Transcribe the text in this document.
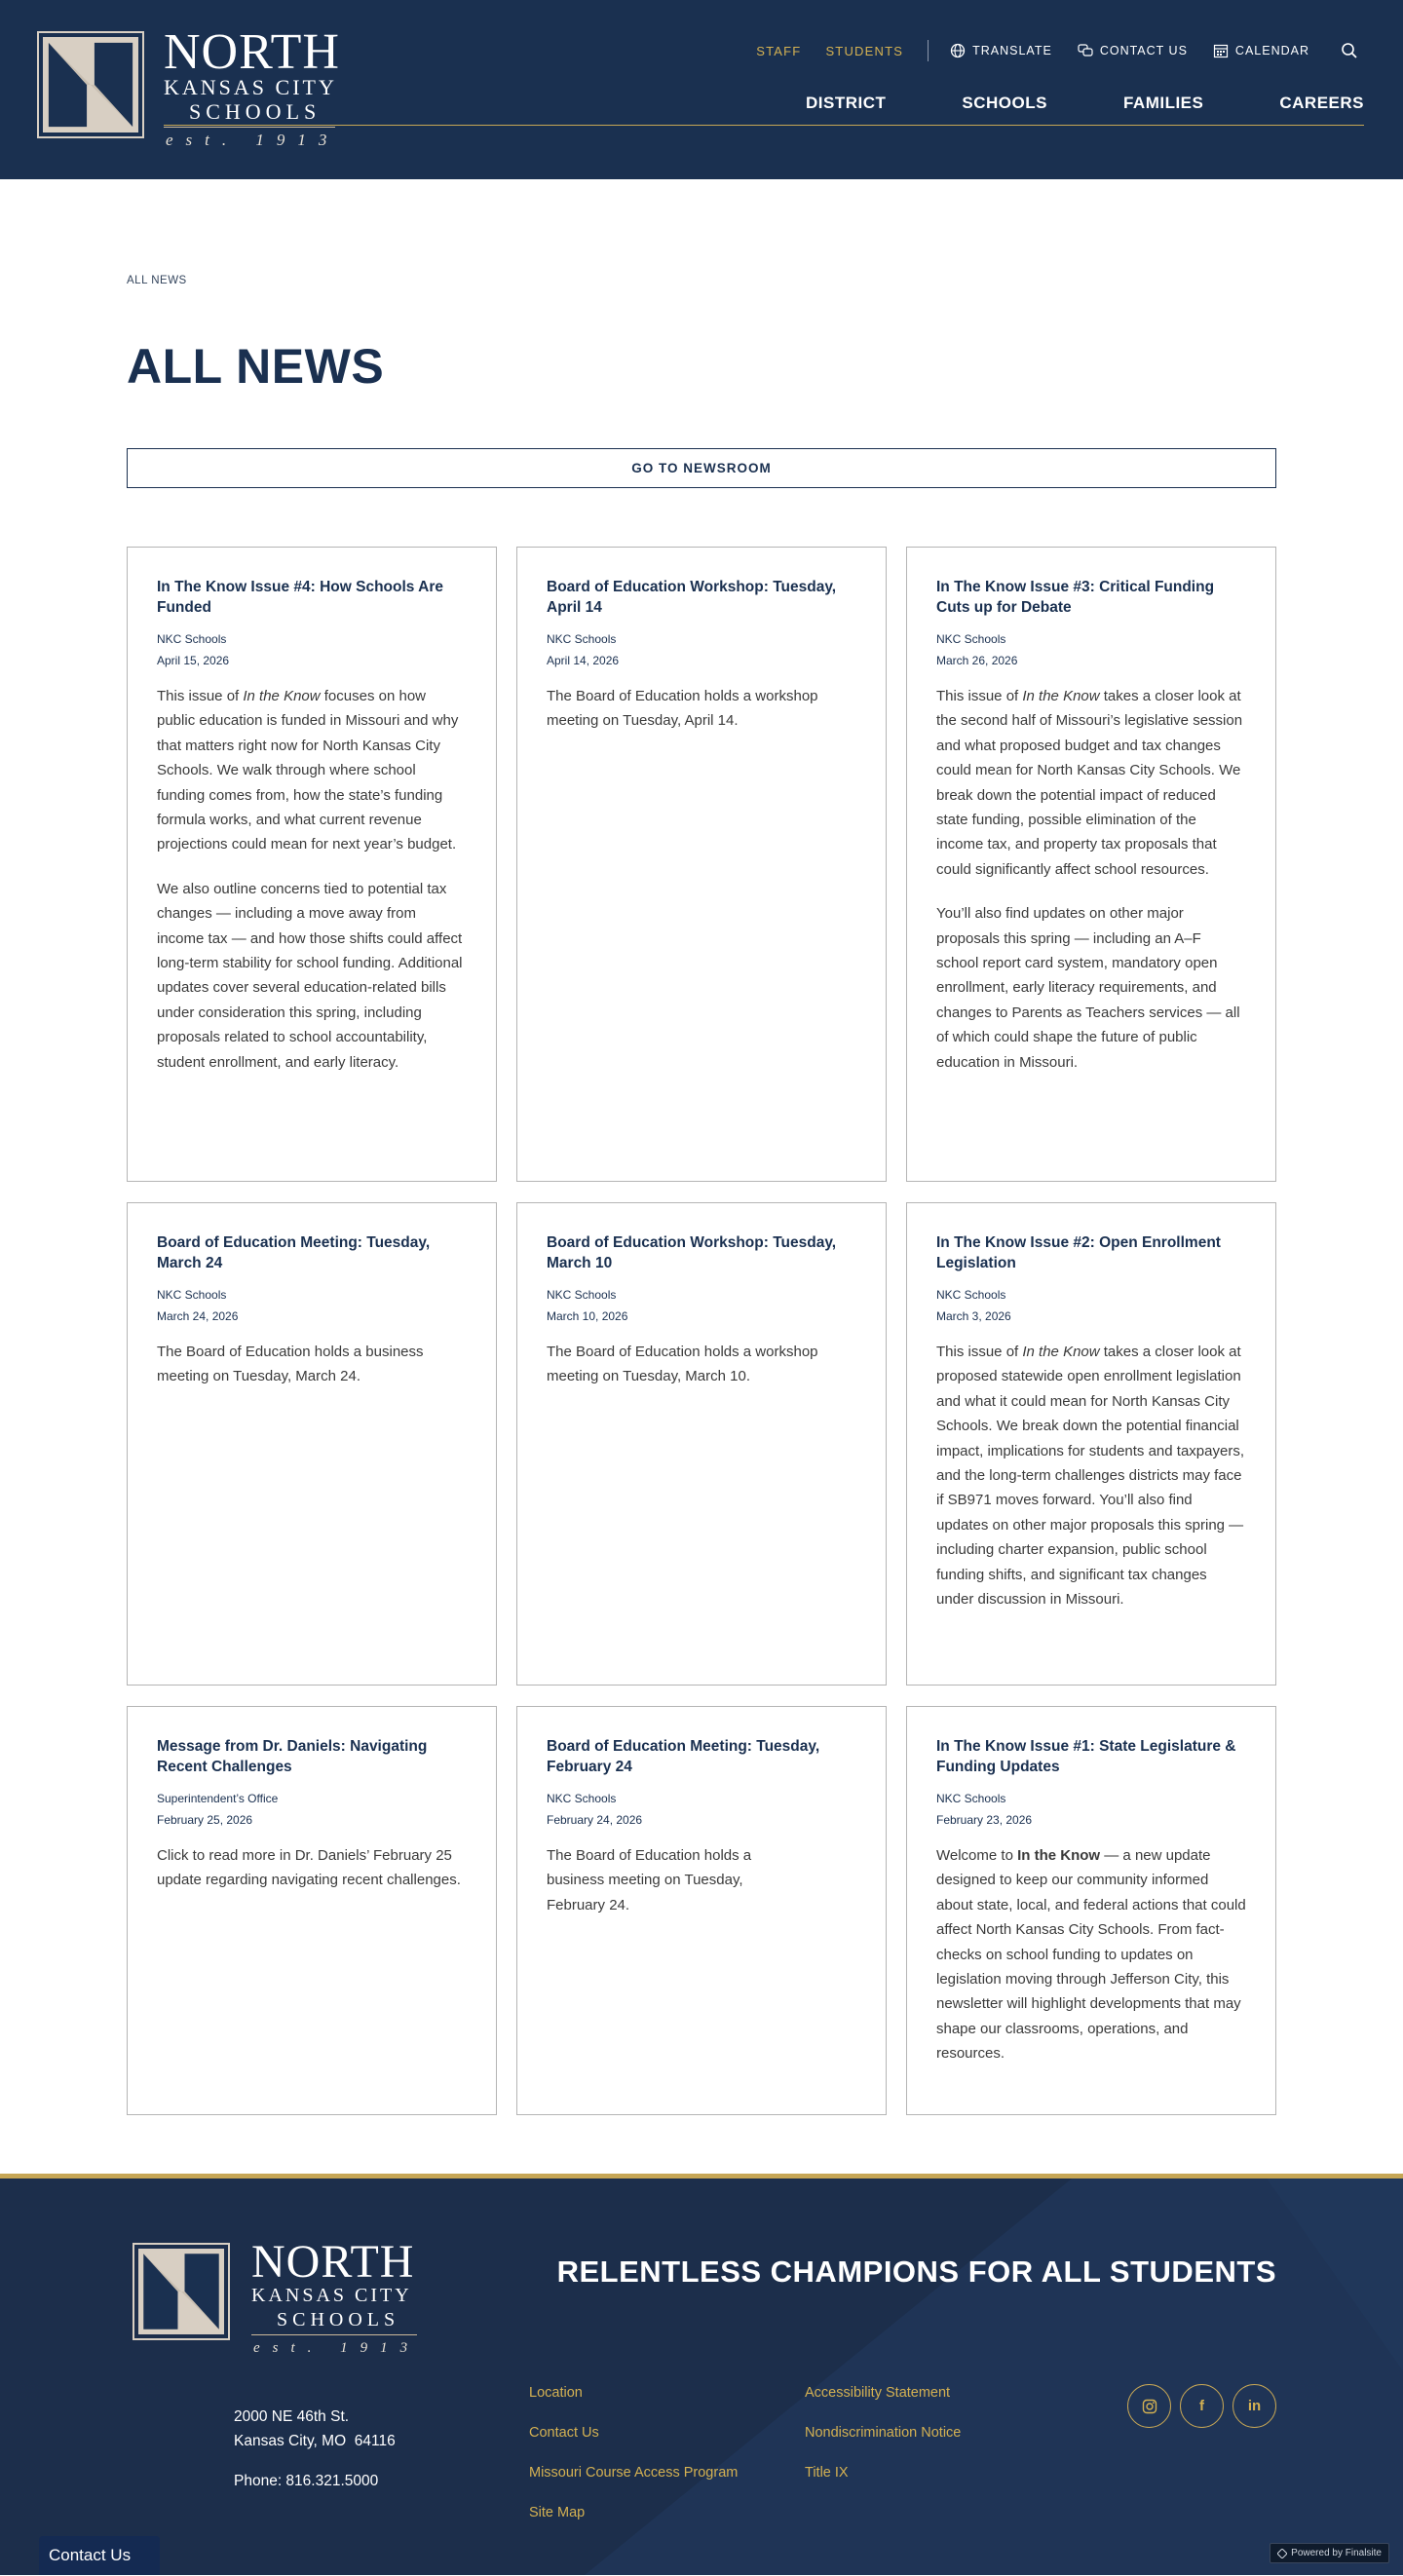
NORTH
KANSAS CITY
SCHOOLS
est. 1913
STAFF STUDENTS	TRANSLATE	CONTACT US	CALENDAR
DISTRICT	SCHOOLS	FAMILIES	CAREERS
ALL NEWS
ALL NEWS
GO TO NEWSROOM
In The Know Issue #4: How Schools Are Funded
NKC Schools
April 15, 2026

This issue of In the Know focuses on how public education is funded in Missouri and why that matters right now for North Kansas City Schools. We walk through where school funding comes from, how the state’s funding formula works, and what current revenue projections could mean for next year’s budget.

We also outline concerns tied to potential tax changes — including a move away from income tax — and how those shifts could affect long-term stability for school funding. Additional updates cover several education-related bills under consideration this spring, including proposals related to school accountability, student enrollment, and early literacy.

Board of Education Workshop: Tuesday, April 14
NKC Schools
April 14, 2026

The Board of Education holds a workshop meeting on Tuesday, April 14.

In The Know Issue #3: Critical Funding Cuts up for Debate
NKC Schools
March 26, 2026

This issue of In the Know takes a closer look at the second half of Missouri’s legislative session and what proposed budget and tax changes could mean for North Kansas City Schools. We break down the potential impact of reduced state funding, possible elimination of the income tax, and property tax proposals that could significantly affect school resources.

You’ll also find updates on other major proposals this spring — including an A–F school report card system, mandatory open enrollment, early literacy requirements, and changes to Parents as Teachers services — all of which could shape the future of public education in Missouri.

Board of Education Meeting: Tuesday, March 24
NKC Schools
March 24, 2026

The Board of Education holds a business meeting on Tuesday, March 24.

Board of Education Workshop: Tuesday, March 10
NKC Schools
March 10, 2026

The Board of Education holds a workshop meeting on Tuesday, March 10.

In The Know Issue #2: Open Enrollment Legislation
NKC Schools
March 3, 2026

This issue of In the Know takes a closer look at proposed statewide open enrollment legislation and what it could mean for North Kansas City Schools. We break down the potential financial impact, implications for students and taxpayers, and the long-term challenges districts may face if SB971 moves forward. You’ll also find updates on other major proposals this spring — including charter expansion, public school funding shifts, and significant tax changes under discussion in Missouri.

Message from Dr. Daniels: Navigating Recent Challenges
Superintendent’s Office
February 25, 2026

Click to read more in Dr. Daniels’ February 25 update regarding navigating recent challenges.

Board of Education Meeting: Tuesday, February 24
NKC Schools
February 24, 2026

The Board of Education holds a business meeting on Tuesday, February 24.

In The Know Issue #1: State Legislature & Funding Updates
NKC Schools
February 23, 2026

Welcome to In the Know — a new update designed to keep our community informed about state, local, and federal actions that could affect North Kansas City Schools. From fact-checks on school funding to updates on legislation moving through Jefferson City, this newsletter will highlight developments that may shape our classrooms, operations, and resources.

NORTH
KANSAS CITY
SCHOOLS
est. 1913
2000 NE 46th St.
Kansas City, MO  64116
Phone: 816.321.5000
RELENTLESS CHAMPIONS FOR ALL STUDENTS
Location
Contact Us
Missouri Course Access Program
Site Map
Accessibility Statement
Nondiscrimination Notice
Title IX
f	in
Contact Us	Powered by Finalsite
